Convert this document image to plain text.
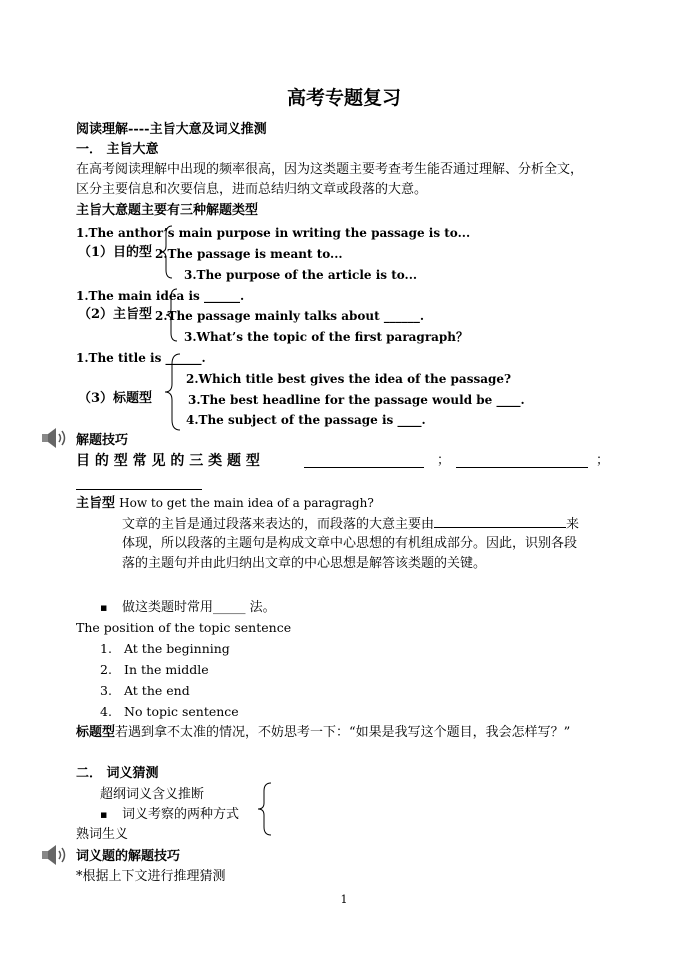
高考专题复习
阅读理解----主旨大意及词义推测
一． 主旨大意
在高考阅读理解中出现的频率很高，因为这类题主要考查考生能否通过理解、分析全文，
区分主要信息和次要信息，进而总结归纳文章或段落的大意。
主旨大意题主要有三种解题类型
1.The anthor’s main purpose in writing the passage is to...
（1）目的型 2.The passage is meant to...
3.The purpose of the article is to...
1.The main idea is ______.
（2）主旨型 2.The passage mainly talks about ______.
3.What’s the topic of the first paragraph？
1.The title is ______.
2.Which title best gives the idea of the passage?
（3）标题型	3.The best headline for the passage would be ____.
4.The subject of the passage is ____.
解题技巧
目 的 型 常 见 的 三 类 题 型	；	；
主旨型 How to get the main idea of a paragragh?
文章的主旨是通过段落来表达的，而段落的大意主要由	来
体现，所以段落的主题句是构成文章中心思想的有机组成部分。因此，识别各段
落的主题句并由此归纳出文章的中心思想是解答该类题的关键。
▪ 做这类题时常用_____ 法。
The position of the topic sentence
1. At the beginning
2. In the middle
3. At the end
4. No topic sentence
标题型若遇到拿不太准的情况，不妨思考一下：“如果是我写这个题目，我会怎样写？”
二． 词义猜测
超纲词义含义推断
▪ 词义考察的两种方式
熟词生义
词义题的解题技巧
*根据上下文进行推理猜测
1
